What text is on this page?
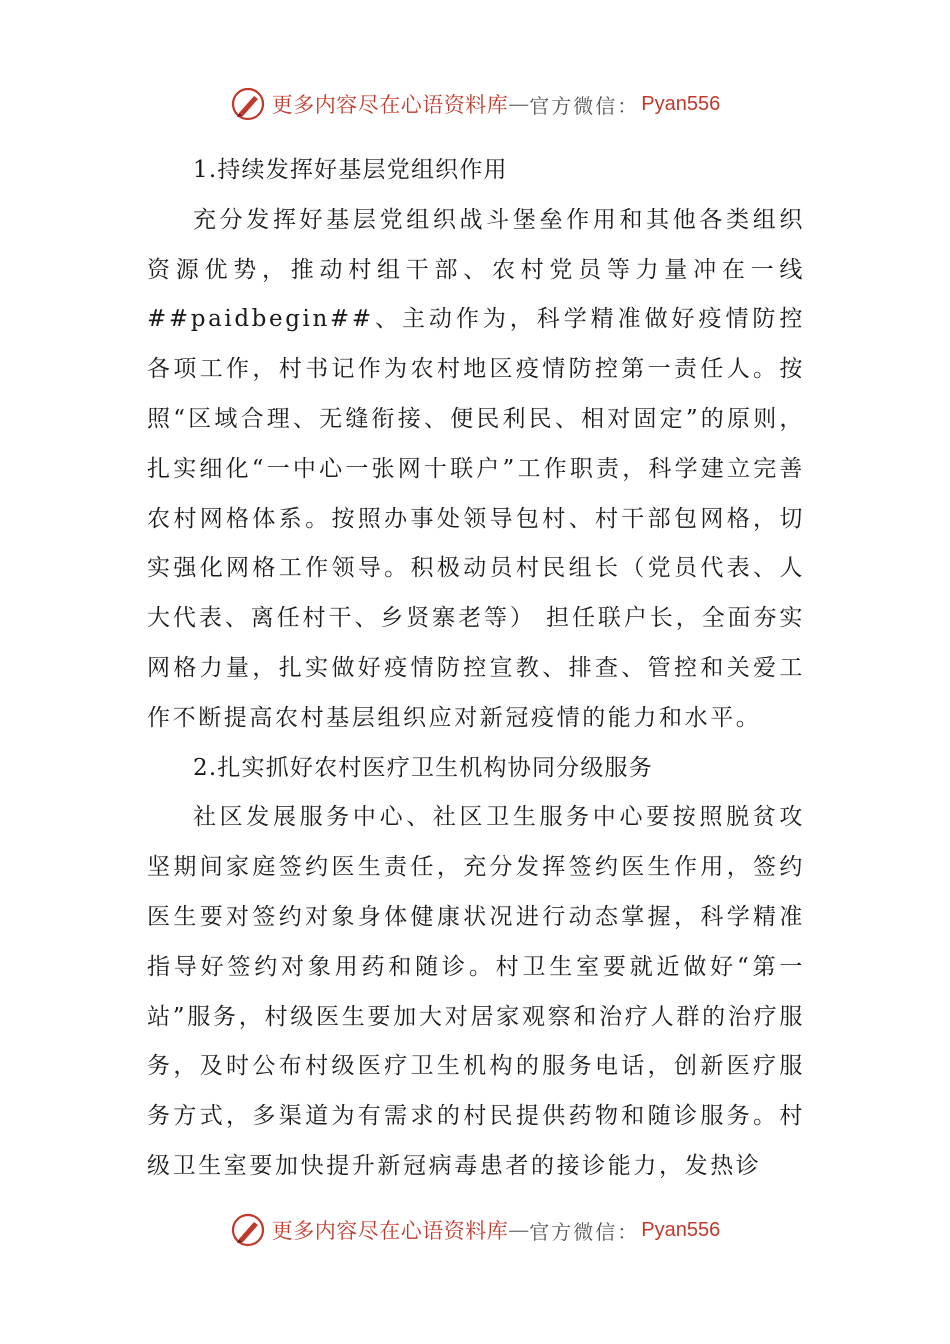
更多内容尽在心语资料库 — 官方微信： Pyan556

1.持续发挥好基层党组织作用

充分发挥好基层党组织战斗堡垒作用和其他各类组织资源优势，推动村组干部、农村党员等力量冲在一线##paidbegin##、主动作为，科学精准做好疫情防控各项工作，村书记作为农村地区疫情防控第一责任人。按照“区域合理、无缝衔接、便民利民、相对固定”的原则，扎实细化“一中心一张网十联户”工作职责，科学建立完善农村网格体系。按照办事处领导包村、村干部包网格，切实强化网格工作领导。积极动员村民组长（党员代表、人大代表、离任村干、乡贤寨老等） 担任联户长，全面夯实网格力量，扎实做好疫情防控宣教、排查、管控和关爱工作不断提高农村基层组织应对新冠疫情的能力和水平。

2.扎实抓好农村医疗卫生机构协同分级服务

社区发展服务中心、社区卫生服务中心要按照脱贫攻坚期间家庭签约医生责任，充分发挥签约医生作用，签约医生要对签约对象身体健康状况进行动态掌握，科学精准指导好签约对象用药和随诊。村卫生室要就近做好“第一站”服务，村级医生要加大对居家观察和治疗人群的治疗服务，及时公布村级医疗卫生机构的服务电话，创新医疗服务方式，多渠道为有需求的村民提供药物和随诊服务。村级卫生室要加快提升新冠病毒患者的接诊能力，发热诊

更多内容尽在心语资料库 — 官方微信： Pyan556
